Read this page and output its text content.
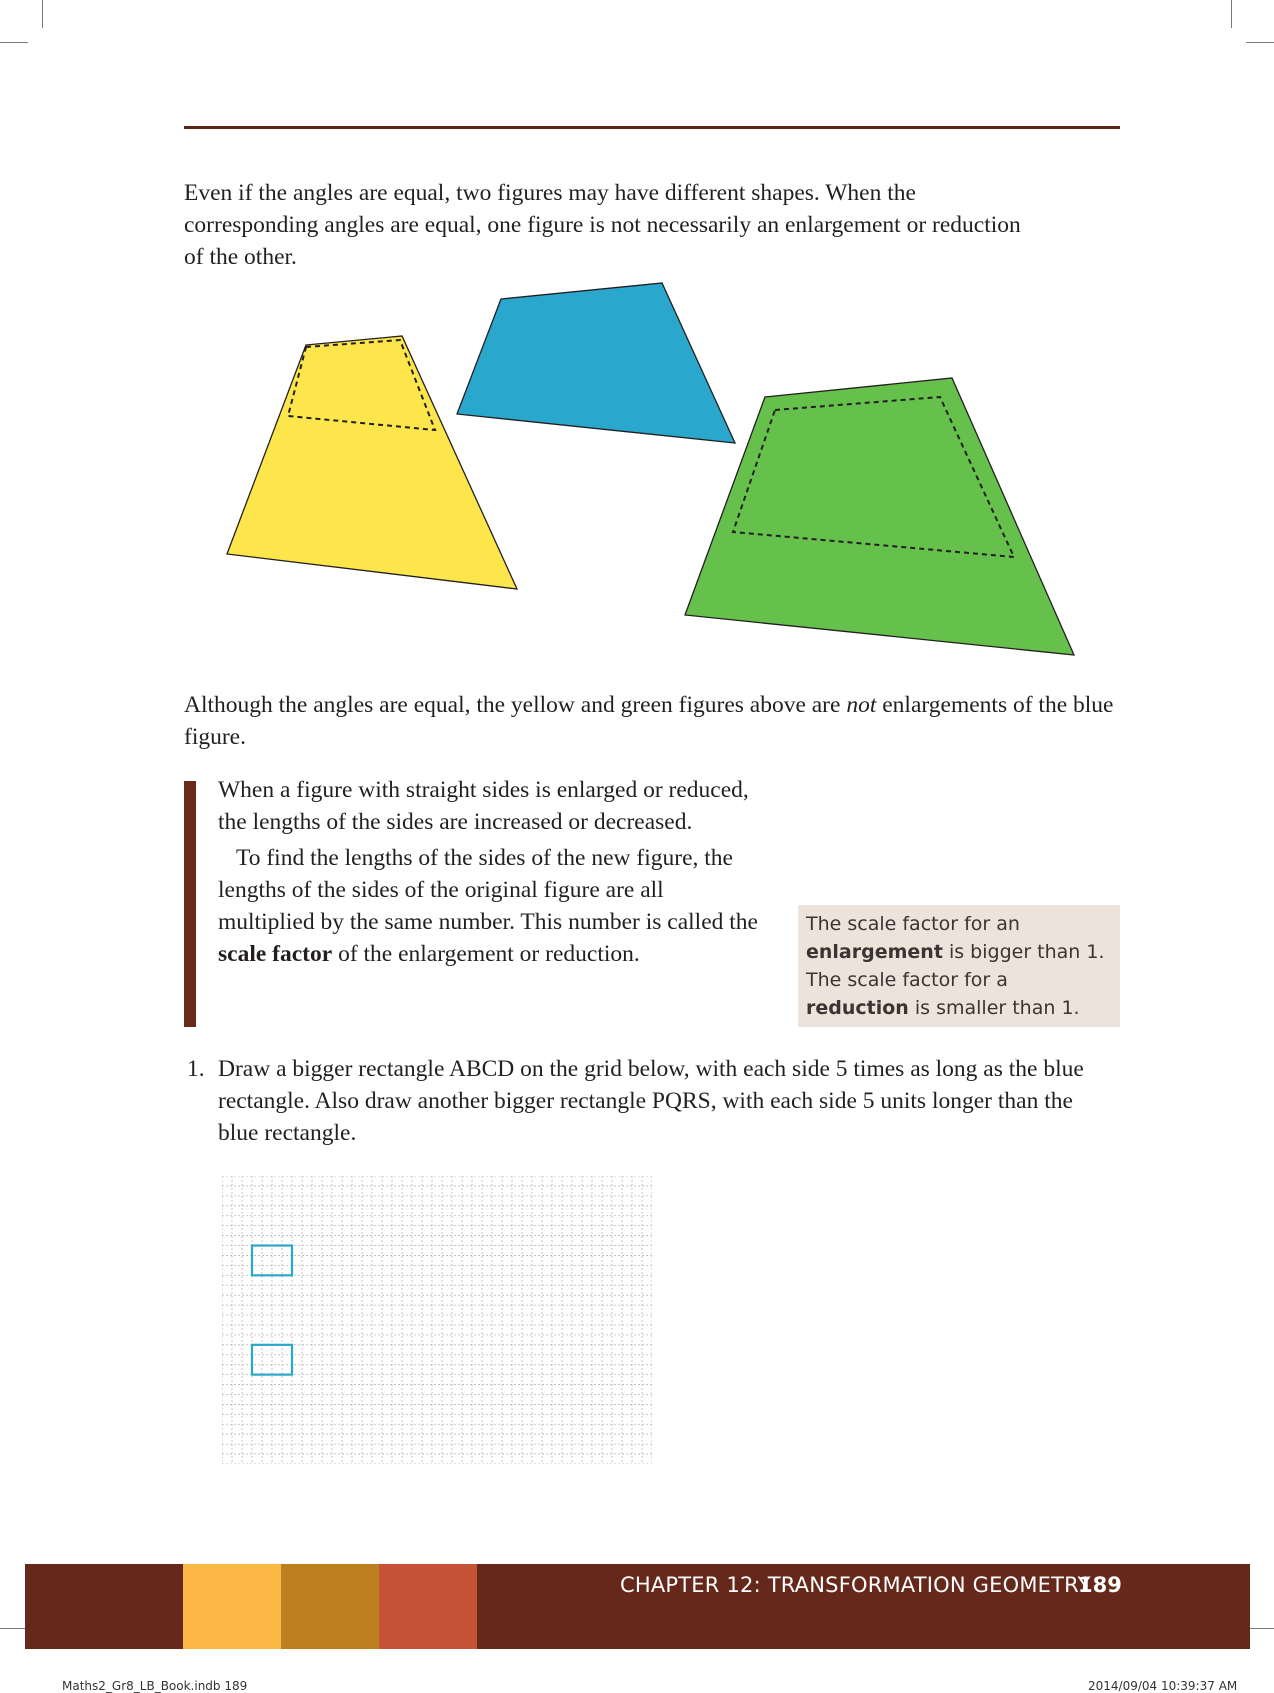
Even if the angles are equal, two figures may have different shapes. When the corresponding angles are equal, one figure is not necessarily an enlargement or reduction of the other.

Although the angles are equal, the yellow and green figures above are not enlargements of the blue figure.

When a figure with straight sides is enlarged or reduced, the lengths of the sides are increased or decreased.

To find the lengths of the sides of the new figure, the lengths of the sides of the original figure are all multiplied by the same number. This number is called the scale factor of the enlargement or reduction.

The scale factor for an enlargement is bigger than 1. The scale factor for a reduction is smaller than 1.
1. Draw a bigger rectangle ABCD on the grid below, with each side 5 times as long as the blue rectangle. Also draw another bigger rectangle PQRS, with each side 5 units longer than the blue rectangle.
CHAPTER 12: TRANSFORMATION GEOMETRY
189
Maths2_Gr8_LB_Book.indb 189	2014/09/04 10:39:37 AM
